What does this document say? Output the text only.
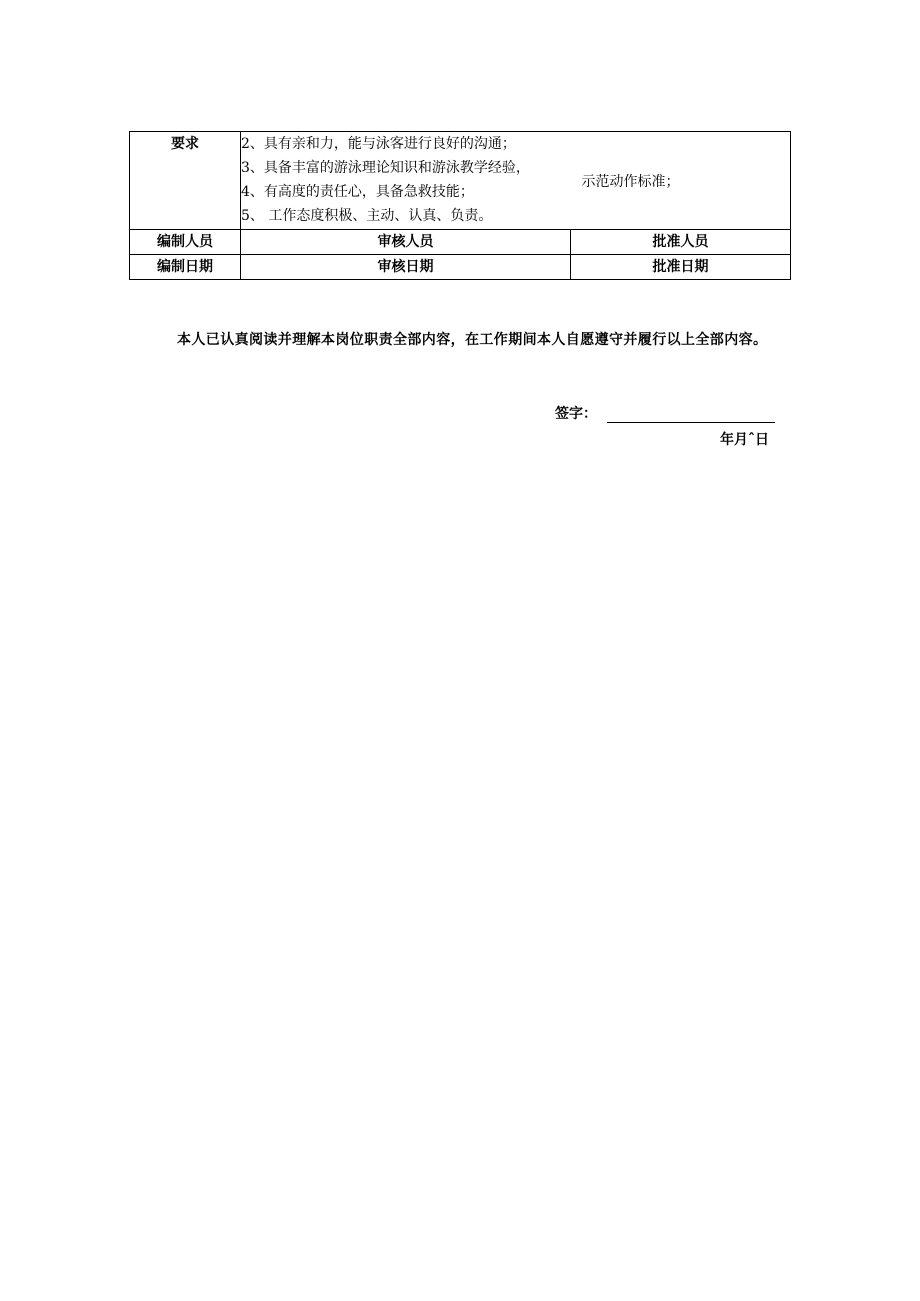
要求	2、具有亲和力，能与泳客进行良好的沟通；
3、具备丰富的游泳理论知识和游泳教学经验，
4、有高度的责任心，具备急救技能；
5、 工作态度积极、主动、认真、负责。	示范动作标准；

编制人员	审核人员	批准人员
编制日期	审核日期	批准日期
本人已认真阅读并理解本岗位职责全部内容，在工作期间本人自愿遵守并履行以上全部内容。
签字：
年月ˆ日
